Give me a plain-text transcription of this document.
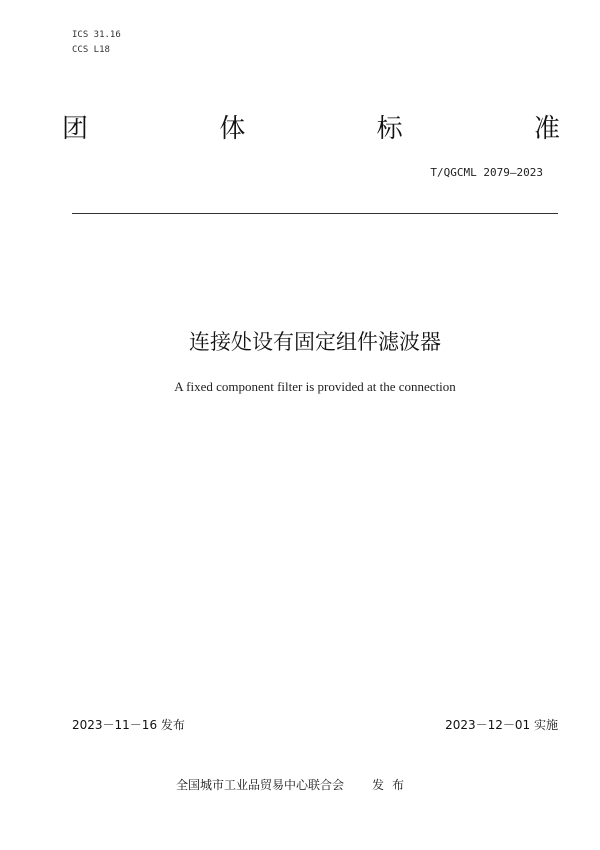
ICS 31.16
CCS L18
团	体	标	准
T/QGCML 2079—2023
连接处设有固定组件滤波器
A fixed component filter is provided at the connection
2023－11－16 发布	2023－12－01 实施
全国城市工业品贸易中心联合会 发布
